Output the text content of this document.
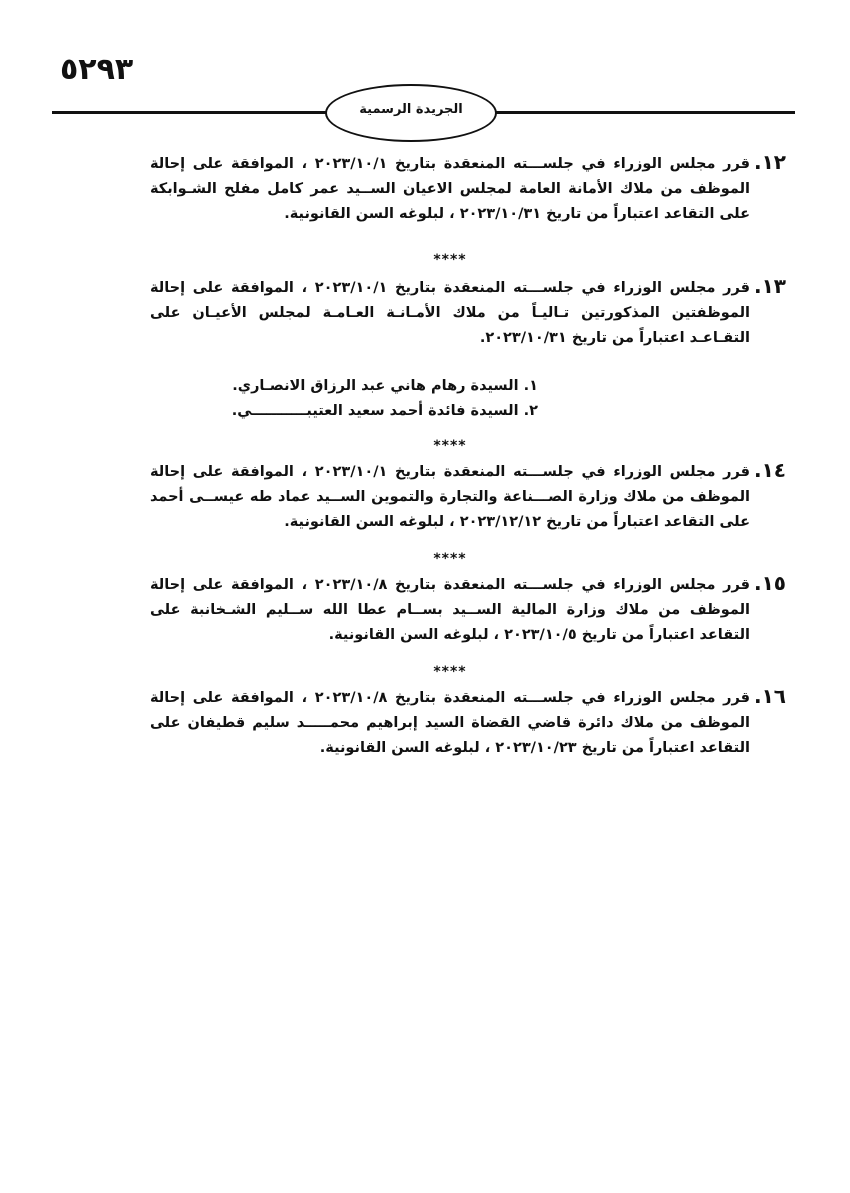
٥٢٩٣
الجريدة الرسمية
١٢.
قرر مجلس الوزراء في جلســـته المنعقدة بتاريخ ٢٠٢٣/١٠/١ ، الموافقة على إحالة الموظف من ملاك الأمانة العامة لمجلس الاعيان الســيد عمر كامل مفلح الشـوابكة على التقاعد اعتباراً من تاريخ ٢٠٢٣/١٠/٣١ ، لبلوغه السن القانونية.
****
١٣.
قرر مجلس الوزراء في جلســـته المنعقدة بتاريخ ٢٠٢٣/١٠/١ ، الموافقة على إحالة الموظفتين المذكورتين تـاليـاً من ملاك الأمـانـة العـامـة لمجلس الأعيـان على التقـاعـد اعتباراً من تاريخ ٢٠٢٣/١٠/٣١.
١. السيدة رهام هاني عبد الرزاق الانصـاري.
٢. السيدة فائدة أحمد سعيد العتيبـــــــــــي.
****
١٤.
قرر مجلس الوزراء في جلســـته المنعقدة بتاريخ ٢٠٢٣/١٠/١ ، الموافقة على إحالة الموظف من ملاك وزارة الصـــناعة والتجارة والتموين الســيد عماد طه عيســى أحمد على التقاعد اعتباراً من تاريخ ٢٠٢٣/١٢/١٢ ، لبلوغه السن القانونية.
****
١٥.
قرر مجلس الوزراء في جلســـته المنعقدة بتاريخ ٢٠٢٣/١٠/٨ ، الموافقة على إحالة الموظف من ملاك وزارة المالية الســيد بســام عطا الله ســليم الشـخانبة على التقاعد اعتباراً من تاريخ ٢٠٢٣/١٠/٥ ، لبلوغه السن القانونية.
****
١٦.
قرر مجلس الوزراء في جلســـته المنعقدة بتاريخ ٢٠٢٣/١٠/٨ ، الموافقة على إحالة الموظف من ملاك دائرة قاضي القضاة السيد إبراهيم محمـــــد سليم قطيفان على التقاعد اعتباراً من تاريخ ٢٠٢٣/١٠/٢٣ ، لبلوغه السن القانونية.
